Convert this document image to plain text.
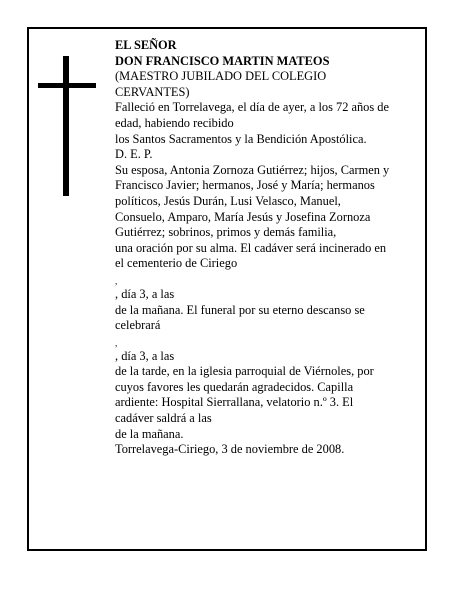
EL SEÑOR
DON FRANCISCO MARTIN MATEOS
(MAESTRO JUBILADO DEL COLEGIO
CERVANTES)
Falleció en Torrelavega, el día de ayer, a los 72 años de
edad, habiendo recibido
los Santos Sacramentos y la Bendición Apostólica.
D. E. P.
Su esposa, Antonia Zornoza Gutiérrez; hijos, Carmen y
Francisco Javier; hermanos, José y María; hermanos
políticos, Jesús Durán, Lusi Velasco, Manuel,
Consuelo, Amparo, María Jesús y Josefina Zornoza
Gutiérrez; sobrinos, primos y demás familia,
una oración por su alma. El cadáver será incinerado en
el cementerio de Ciriego
,
, día 3, a las
de la mañana. El funeral por su eterno descanso se
celebrará
,
, día 3, a las
de la tarde, en la iglesia parroquial de Viérnoles, por
cuyos favores les quedarán agradecidos. Capilla
ardiente: Hospital Sierrallana, velatorio n.º 3. El
cadáver saldrá a las
de la mañana.
Torrelavega-Ciriego, 3 de noviembre de 2008.
